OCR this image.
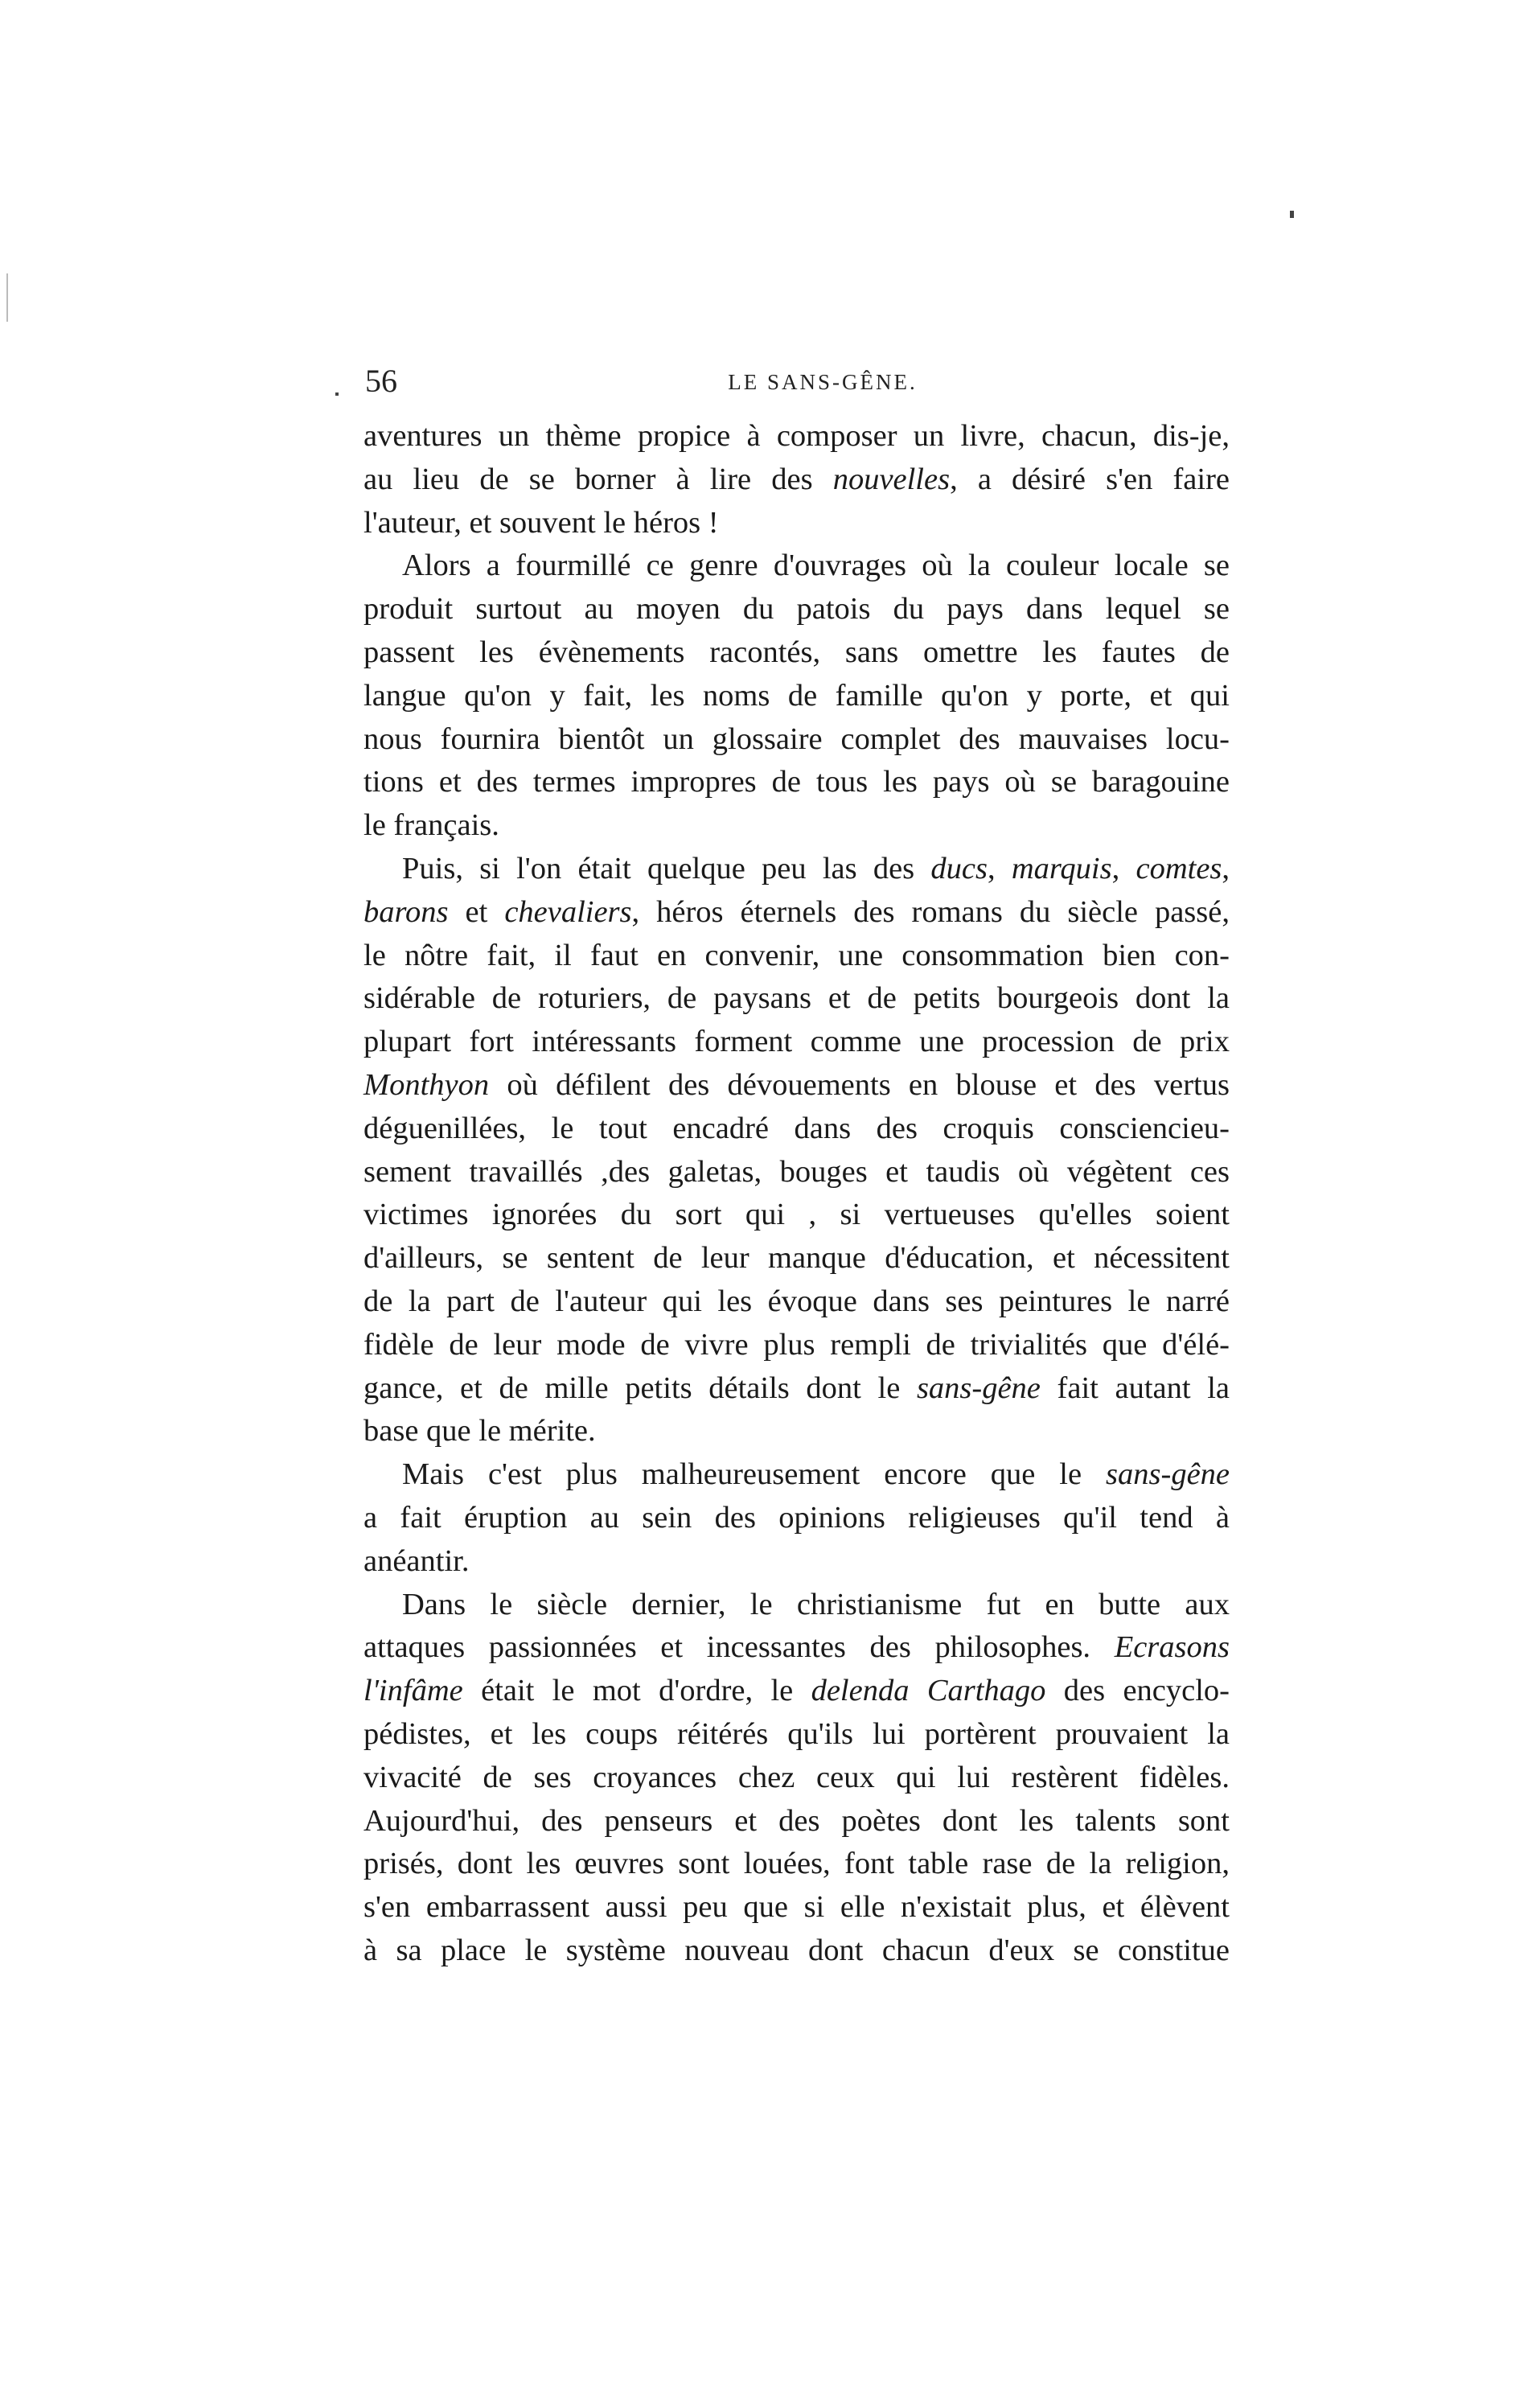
56	LE SANS-GÊNE.

aventures un thème propice à composer un livre, chacun, dis-je,
au lieu de se borner à lire des nouvelles, a désiré s'en faire
l'auteur, et souvent le héros !

Alors a fourmillé ce genre d'ouvrages où la couleur locale se
produit surtout au moyen du patois du pays dans lequel se
passent les évènements racontés, sans omettre les fautes de
langue qu'on y fait, les noms de famille qu'on y porte, et qui
nous fournira bientôt un glossaire complet des mauvaises locu-
tions et des termes impropres de tous les pays où se baragouine
le français.

Puis, si l'on était quelque peu las des ducs, marquis, comtes,
barons et chevaliers, héros éternels des romans du siècle passé,
le nôtre fait, il faut en convenir, une consommation bien con-
sidérable de roturiers, de paysans et de petits bourgeois dont la
plupart fort intéressants forment comme une procession de prix
Monthyon où défilent des dévouements en blouse et des vertus
déguenillées, le tout encadré dans des croquis consciencieu-
sement travaillés ,des galetas, bouges et taudis où végètent ces
victimes ignorées du sort qui , si vertueuses qu'elles soient
d'ailleurs, se sentent de leur manque d'éducation, et nécessitent
de la part de l'auteur qui les évoque dans ses peintures le narré
fidèle de leur mode de vivre plus rempli de trivialités que d'élé-
gance, et de mille petits détails dont le sans-gêne fait autant la
base que le mérite.

Mais c'est plus malheureusement encore que le sans-gêne
a fait éruption au sein des opinions religieuses qu'il tend à
anéantir.

Dans le siècle dernier, le christianisme fut en butte aux
attaques passionnées et incessantes des philosophes. Ecrasons
l'infâme était le mot d'ordre, le delenda Carthago des encyclo-
pédistes, et les coups réitérés qu'ils lui portèrent prouvaient la
vivacité de ses croyances chez ceux qui lui restèrent fidèles.
Aujourd'hui, des penseurs et des poètes dont les talents sont
prisés, dont les œuvres sont louées, font table rase de la religion,
s'en embarrassent aussi peu que si elle n'existait plus, et élèvent
à sa place le système nouveau dont chacun d'eux se constitue
